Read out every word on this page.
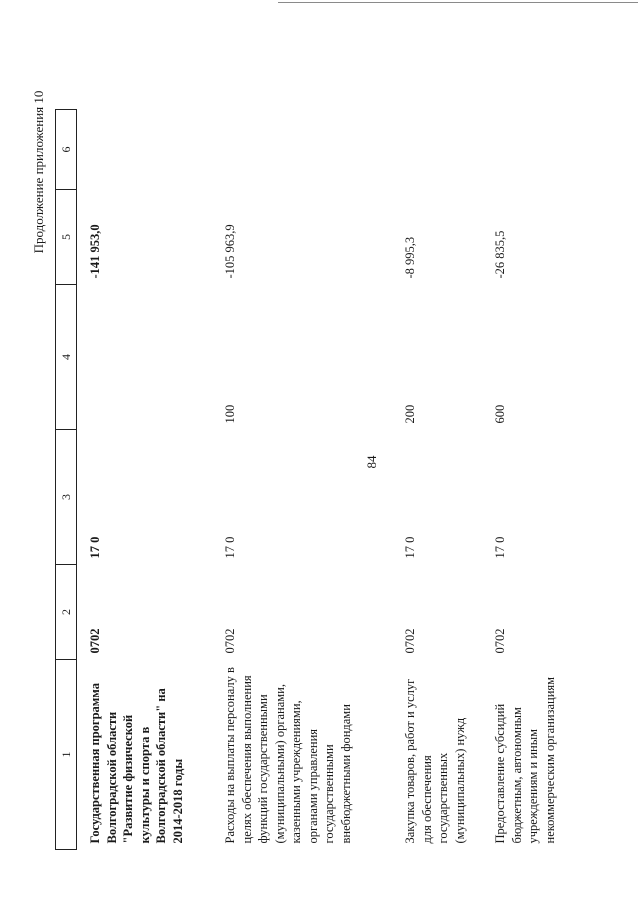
Продолжение приложения 10
84
1	2	3	4	5	6
Государственная программа Волгоградской области "Развитие физической культуры и спорта в Волгоградской области" на 2014-2018 годы	0702	17 0		-141 953,0	
Расходы на выплаты персоналу в целях обеспечения выполнения функций государственными (муниципальными) органами, казенными учреждениями, органами управления государственными внебюджетными фондами	0702	17 0	100	-105 963,9	
Закупка товаров, работ и услуг для обеспечения государственных (муниципальных) нужд	0702	17 0	200	-8 995,3	
Предоставление субсидий бюджетным, автономным учреждениям и иным некоммерческим организациям	0702	17 0	600	-26 835,5	
